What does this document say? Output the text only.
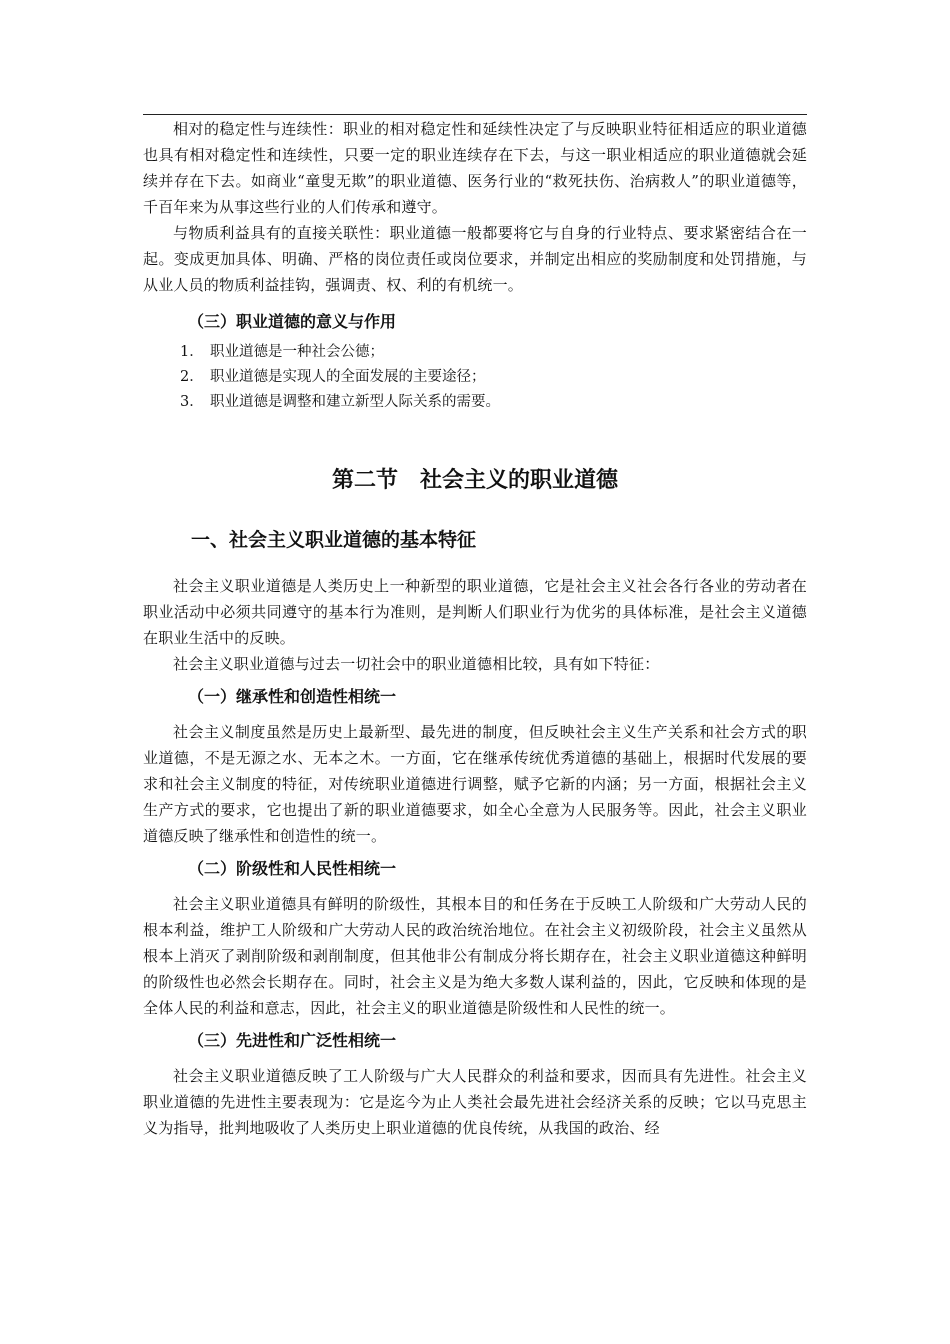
相对的稳定性与连续性：职业的相对稳定性和延续性决定了与反映职业特征相适应的职业道德也具有相对稳定性和连续性，只要一定的职业连续存在下去，与这一职业相适应的职业道德就会延续并存在下去。如商业“童叟无欺”的职业道德、医务行业的“救死扶伤、治病救人”的职业道德等，千百年来为从事这些行业的人们传承和遵守。

与物质利益具有的直接关联性：职业道德一般都要将它与自身的行业特点、要求紧密结合在一起。变成更加具体、明确、严格的岗位责任或岗位要求，并制定出相应的奖励制度和处罚措施，与从业人员的物质利益挂钩，强调责、权、利的有机统一。

（三）职业道德的意义与作用
1． 职业道德是一种社会公德；
2． 职业道德是实现人的全面发展的主要途径；
3． 职业道德是调整和建立新型人际关系的需要。
第二节　社会主义的职业道德
一、社会主义职业道德的基本特征

社会主义职业道德是人类历史上一种新型的职业道德，它是社会主义社会各行各业的劳动者在职业活动中必须共同遵守的基本行为准则，是判断人们职业行为优劣的具体标准，是社会主义道德在职业生活中的反映。

社会主义职业道德与过去一切社会中的职业道德相比较，具有如下特征：

（一）继承性和创造性相统一

社会主义制度虽然是历史上最新型、最先进的制度，但反映社会主义生产关系和社会方式的职业道德，不是无源之水、无本之木。一方面，它在继承传统优秀道德的基础上，根据时代发展的要求和社会主义制度的特征，对传统职业道德进行调整，赋予它新的内涵；另一方面，根据社会主义生产方式的要求，它也提出了新的职业道德要求，如全心全意为人民服务等。因此，社会主义职业道德反映了继承性和创造性的统一。

（二）阶级性和人民性相统一

社会主义职业道德具有鲜明的阶级性，其根本目的和任务在于反映工人阶级和广大劳动人民的根本利益，维护工人阶级和广大劳动人民的政治统治地位。在社会主义初级阶段，社会主义虽然从根本上消灭了剥削阶级和剥削制度，但其他非公有制成分将长期存在，社会主义职业道德这种鲜明的阶级性也必然会长期存在。同时，社会主义是为绝大多数人谋利益的，因此，它反映和体现的是全体人民的利益和意志，因此，社会主义的职业道德是阶级性和人民性的统一。

（三）先进性和广泛性相统一

社会主义职业道德反映了工人阶级与广大人民群众的利益和要求，因而具有先进性。社会主义职业道德的先进性主要表现为：它是迄今为止人类社会最先进社会经济关系的反映；它以马克思主义为指导，批判地吸收了人类历史上职业道德的优良传统，从我国的政治、经
